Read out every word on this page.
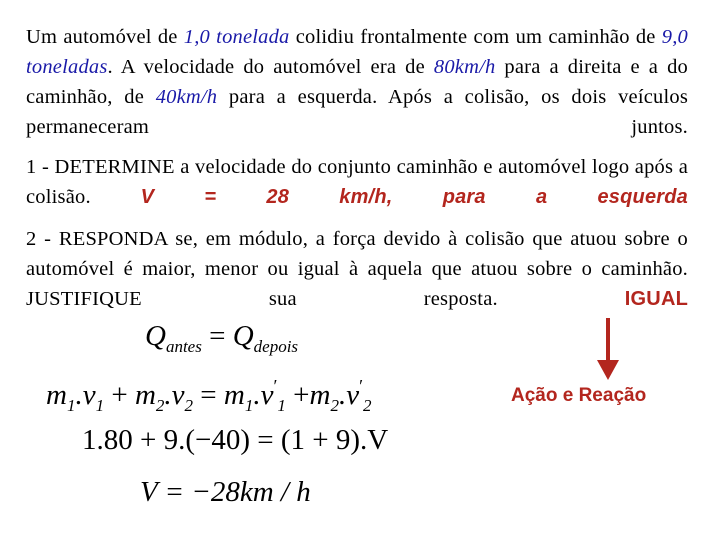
Um automóvel de 1,0 tonelada colidiu frontalmente com um caminhão de 9,0 toneladas. A velocidade do automóvel era de 80km/h para a direita e a do caminhão, de 40km/h para a esquerda. Após a colisão, os dois veículos permaneceram juntos.
1 - DETERMINE a velocidade do conjunto caminhão e automóvel logo após a colisão. V = 28 km/h, para a esquerda
2 - RESPONDA se, em módulo, a força devido à colisão que atuou sobre o automóvel é maior, menor ou igual à aquela que atuou sobre o caminhão. JUSTIFIQUE sua resposta.	IGUAL
Ação e Reação
$Q_{antes} = Q_{depois}$
$m_1.v_1 + m_2.v_2 = m_1.v'_1 +m_2.v'_2$
1.80 + 9.(−40) = (1 + 9).V
V = −28km / h
